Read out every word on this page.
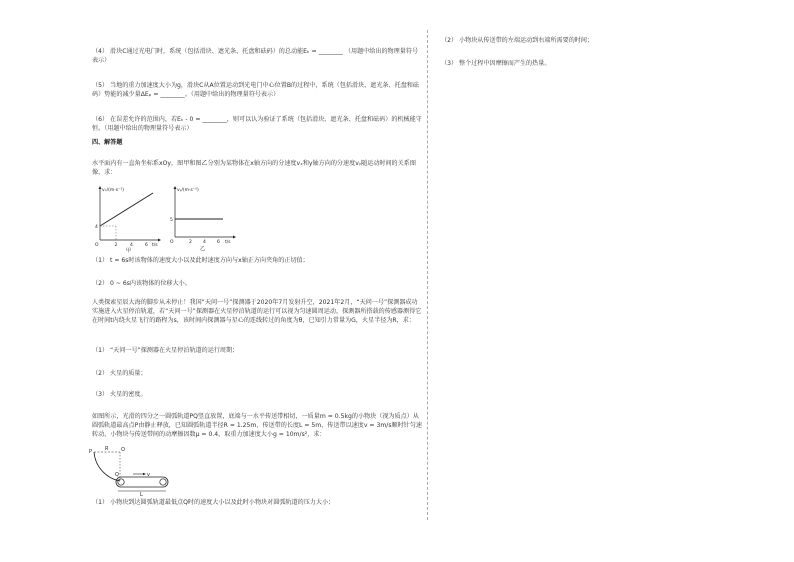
（4） 滑块C通过光电门时，系统（包括滑块、遮光条、托盘和砝码）的总动能Eₖ = ________ （用题中给出的物理量符号表示）
（5） 当地的重力加速度大小为g，滑块C从A位置运动到光电门中心位置B的过程中，系统（包括滑块、遮光条、托盘和砝码）势能的减少量ΔEₚ = ________。（用题中给出的物理量符号表示）
（6） 在误差允许的范围内，若Eₖ - 0 = ________，则可以认为验证了系统（包括滑块、遮光条、托盘和砝码）的机械能守恒。（用题中给出的物理量符号表示）
四、解答题
水平面内有一直角坐标系xOy，图甲和图乙分别为某物体在x轴方向的分速度vₓ和y轴方向的分速度vᵧ随运动时间的关系图像，求：
vₓ/(m·s⁻¹)
4
O	2	4	6 t/s
甲
vᵧ/(m·s⁻¹)
5
O	2 4 6 t/s
乙
（1） t = 6s时该物体的速度大小以及此时速度方向与x轴正方向夹角的正切值；
（2） 0 ~ 6s内该物体的位移大小。
人类探索星辰大海的脚步从未停止！我国“天问一号”探测器于2020年7月发射升空，2021年2月，“天问一号”探测器成功实施进入火星停泊轨道，若“天问一号”探测器在火星停泊轨道的运行可以视为匀速圆周运动，探测器所搭载的传感器测得它在时间t内绕火星飞行的路程为s，该时间内探测器与星心的连线转过的角度为θ，已知引力常量为G，火星半径为R，求：
（1） “天问一号”探测器在火星停泊轨道的运行周期；
（2） 火星的质量；
（3） 火星的密度。
如图所示，光滑的四分之一圆弧轨道PQ竖直放置，底端与一水平传送带相切，一质量m = 0.5kg的小物块（视为质点）从圆弧轨道最高点P由静止释放，已知圆弧轨道半径R = 1.25m，传送带的长度L = 5m，传送带以速度v = 3m/s顺时针匀速转动，小物块与传送带间的动摩擦因数μ = 0.4，取重力加速度大小g = 10m/s²，求：
P	R	O
Q	v
L
（1） 小物块到达圆弧轨道最低点Q时的速度大小以及此时小物块对圆弧轨道的压力大小；
（2） 小物块从传送带的左端运动到右端所需要的时间；
（3） 整个过程中因摩擦而产生的热量。
